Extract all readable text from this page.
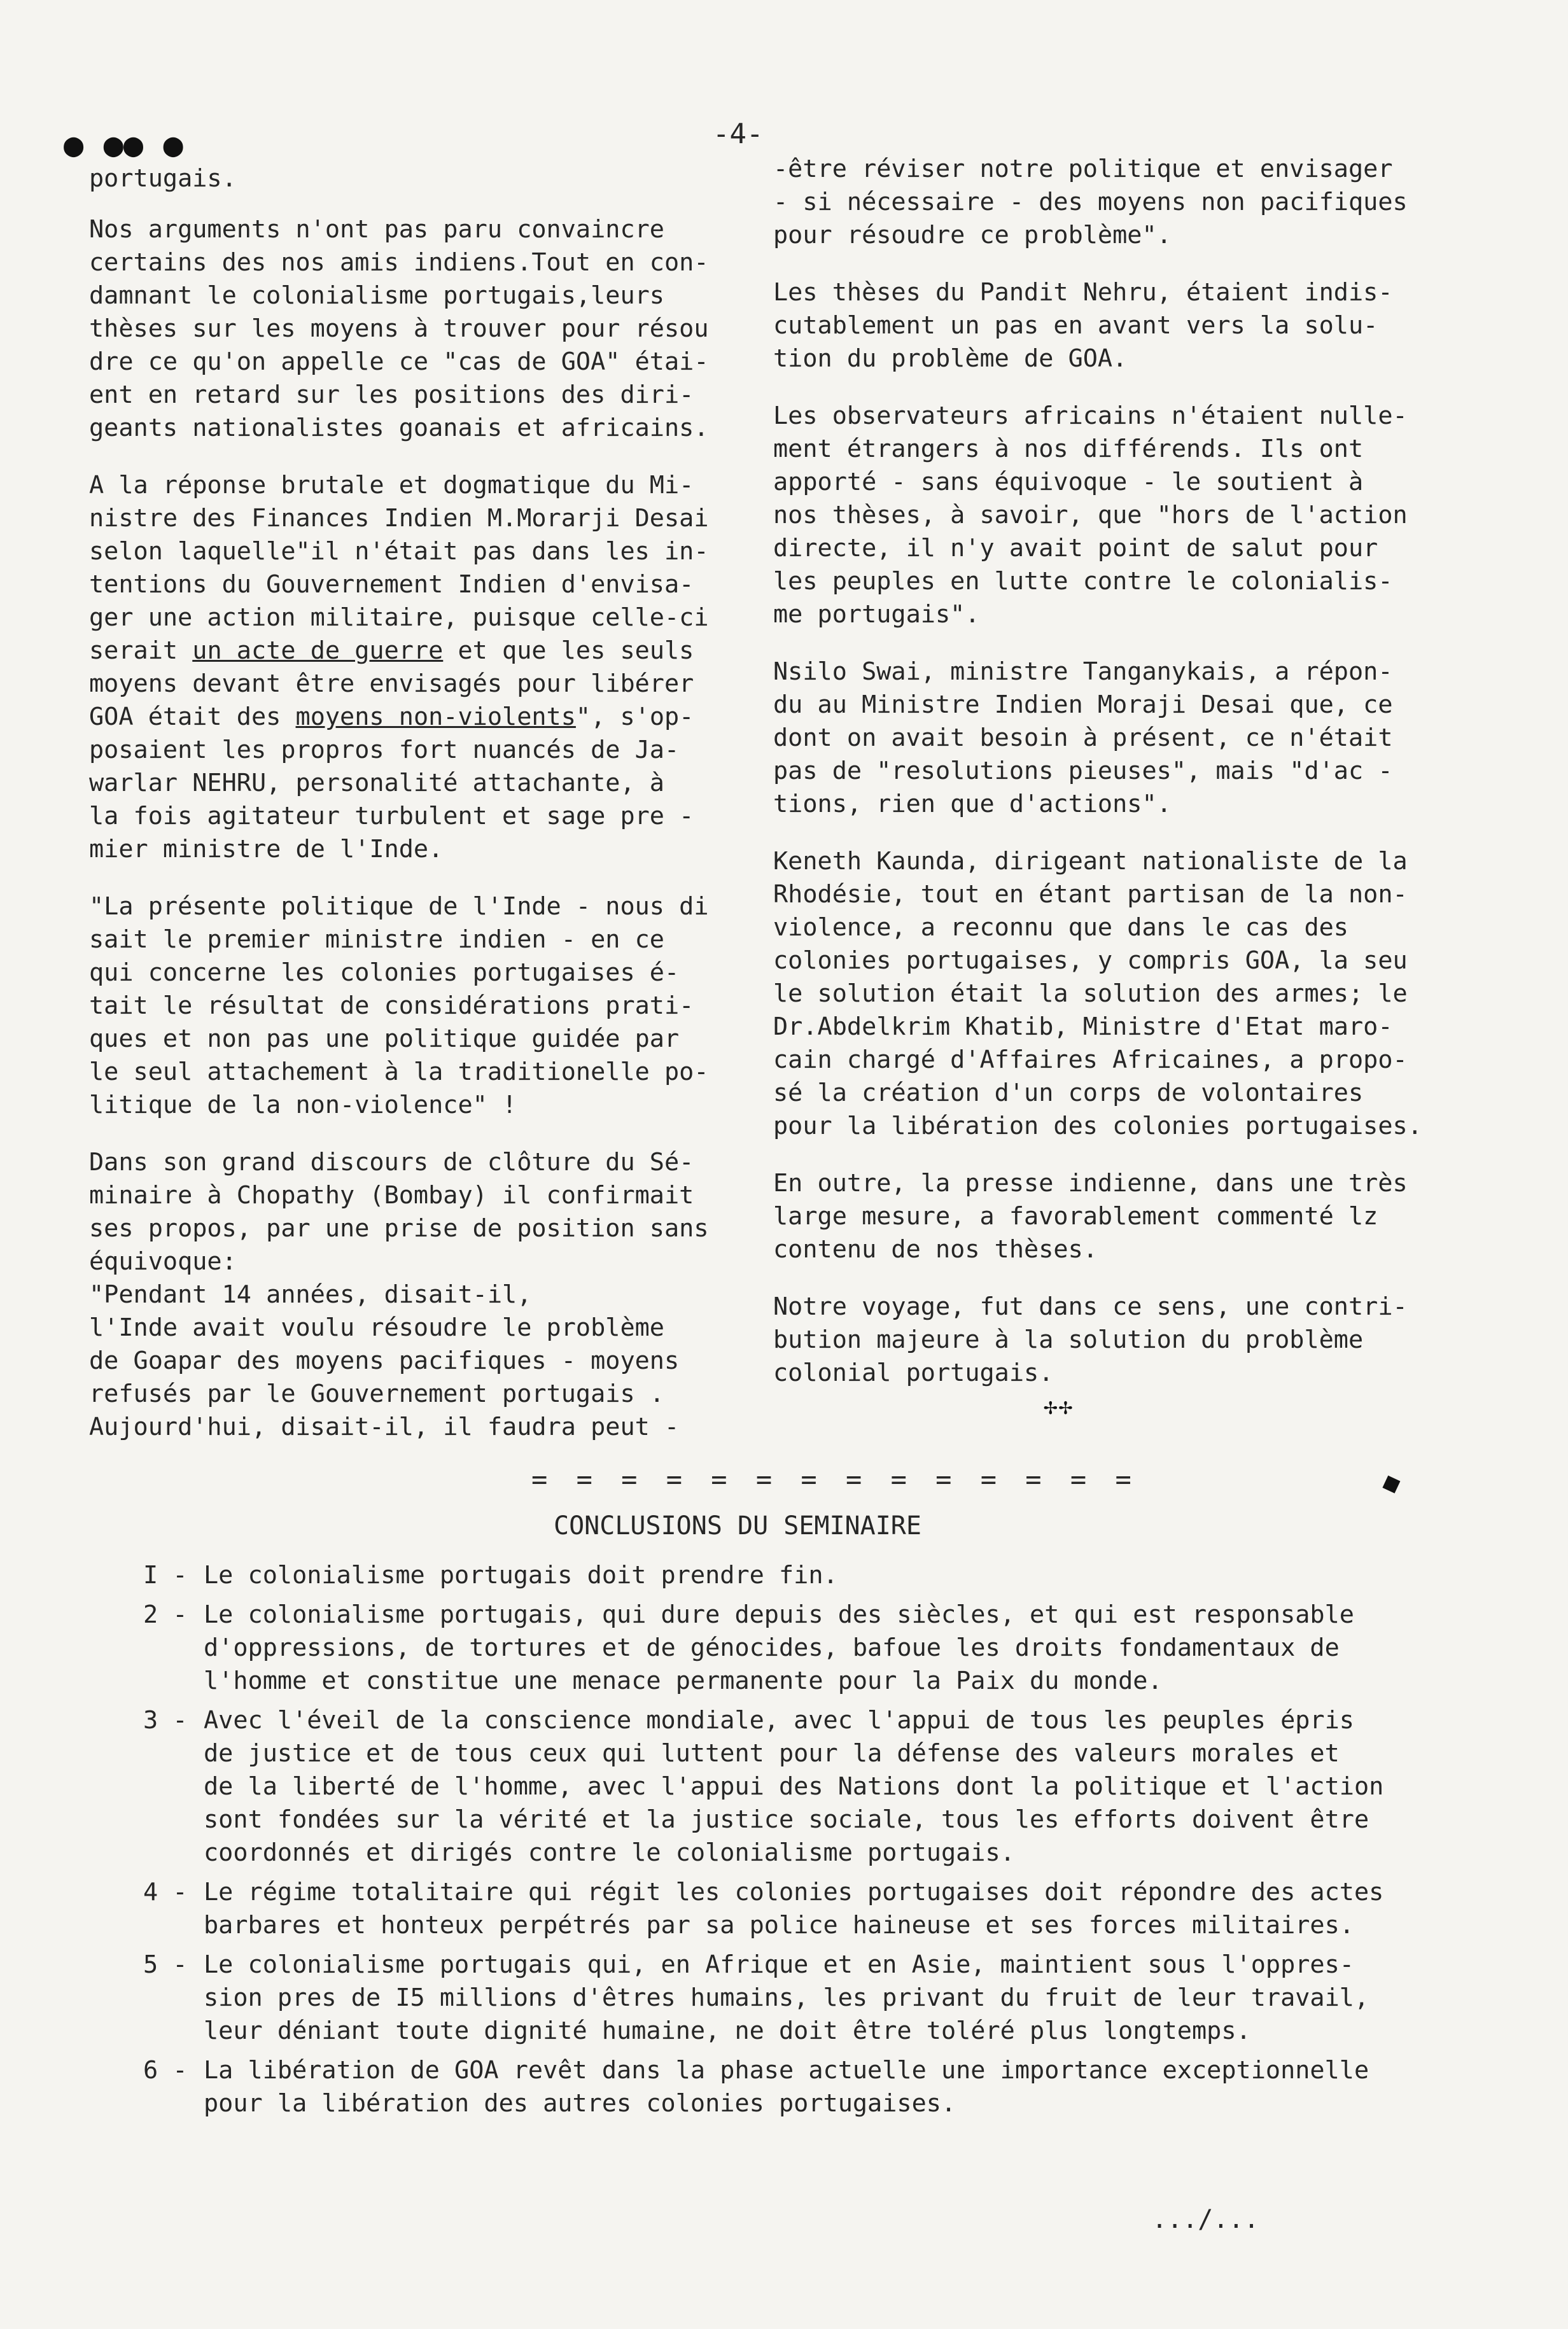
-4-
● ●● ●
◆
✢✢

portugais.

Nos arguments n'ont pas paru convaincre
certains des nos amis indiens.Tout en con-
damnant le colonialisme portugais,leurs
thèses sur les moyens à trouver pour résou
dre ce qu'on appelle ce "cas de GOA" étai-
ent en retard sur les positions des diri-
geants nationalistes goanais et africains.

A la réponse brutale et dogmatique du Mi-
nistre des Finances Indien M.Morarji Desai
selon laquelle"il n'était pas dans les in-
tentions du Gouvernement Indien d'envisa-
ger une action militaire, puisque celle-ci
serait un acte de guerre et que les seuls
moyens devant être envisagés pour libérer
GOA était des moyens non-violents", s'op-
posaient les propros fort nuancés de Ja-
warlar NEHRU, personalité attachante, à
la fois agitateur turbulent et sage pre -
mier ministre de l'Inde.

"La présente politique de l'Inde - nous di
sait le premier ministre indien - en ce
qui concerne les colonies portugaises é-
tait le résultat de considérations prati-
ques et non pas une politique guidée par
le seul attachement à la traditionelle po-
litique de la non-violence" !

Dans son grand discours de clôture du Sé-
minaire à Chopathy (Bombay) il confirmait
ses propos, par une prise de position sans
équivoque:
"Pendant 14 années, disait-il,
l'Inde avait voulu résoudre le problème
de Goapar des moyens pacifiques - moyens
refusés par le Gouvernement portugais .
Aujourd'hui, disait-il, il faudra peut -

-être réviser notre politique et envisager
- si nécessaire - des moyens non pacifiques
pour résoudre ce problème".

Les thèses du Pandit Nehru, étaient indis-
cutablement un pas en avant vers la solu-
tion du problème de GOA.

Les observateurs africains n'étaient nulle-
ment étrangers à nos différends. Ils ont
apporté - sans équivoque - le soutient à
nos thèses, à savoir, que "hors de l'action
directe, il n'y avait point de salut pour
les peuples en lutte contre le colonialis-
me portugais".

Nsilo Swai, ministre Tanganykais, a répon-
du au Ministre Indien Moraji Desai que, ce
dont on avait besoin à présent, ce n'était
pas de "resolutions pieuses", mais "d'ac -
tions, rien que d'actions".

Keneth Kaunda, dirigeant nationaliste de la
Rhodésie, tout en étant partisan de la non-
violence, a reconnu que dans le cas des
colonies portugaises, y compris GOA, la seu
le solution était la solution des armes; le
Dr.Abdelkrim Khatib, Ministre d'Etat maro-
cain chargé d'Affaires Africaines, a propo-
sé la création d'un corps de volontaires
pour la libération des colonies portugaises.

En outre, la presse indienne, dans une très
large mesure, a favorablement commenté lz
contenu de nos thèses.

Notre voyage, fut dans ce sens, une contri-
bution majeure à la solution du problème
colonial portugais.

= = = = = = = = = = = = = =
CONCLUSIONS DU SEMINAIRE
I - Le colonialisme portugais doit prendre fin.
2 - Le colonialisme portugais, qui dure depuis des siècles, et qui est responsable
d'oppressions, de tortures et de génocides, bafoue les droits fondamentaux de
l'homme et constitue une menace permanente pour la Paix du monde.
3 - Avec l'éveil de la conscience mondiale, avec l'appui de tous les peuples épris
de justice et de tous ceux qui luttent pour la défense des valeurs morales et
de la liberté de l'homme, avec l'appui des Nations dont la politique et l'action
sont fondées sur la vérité et la justice sociale, tous les efforts doivent être
coordonnés et dirigés contre le colonialisme portugais.
4 - Le régime totalitaire qui régit les colonies portugaises doit répondre des actes
barbares et honteux perpétrés par sa police haineuse et ses forces militaires.
5 - Le colonialisme portugais qui, en Afrique et en Asie, maintient sous l'oppres-
sion pres de I5 millions d'êtres humains, les privant du fruit de leur travail,
leur déniant toute dignité humaine, ne doit être toléré plus longtemps.
6 - La libération de GOA revêt dans la phase actuelle une importance exceptionnelle
pour la libération des autres colonies portugaises.
.../...
